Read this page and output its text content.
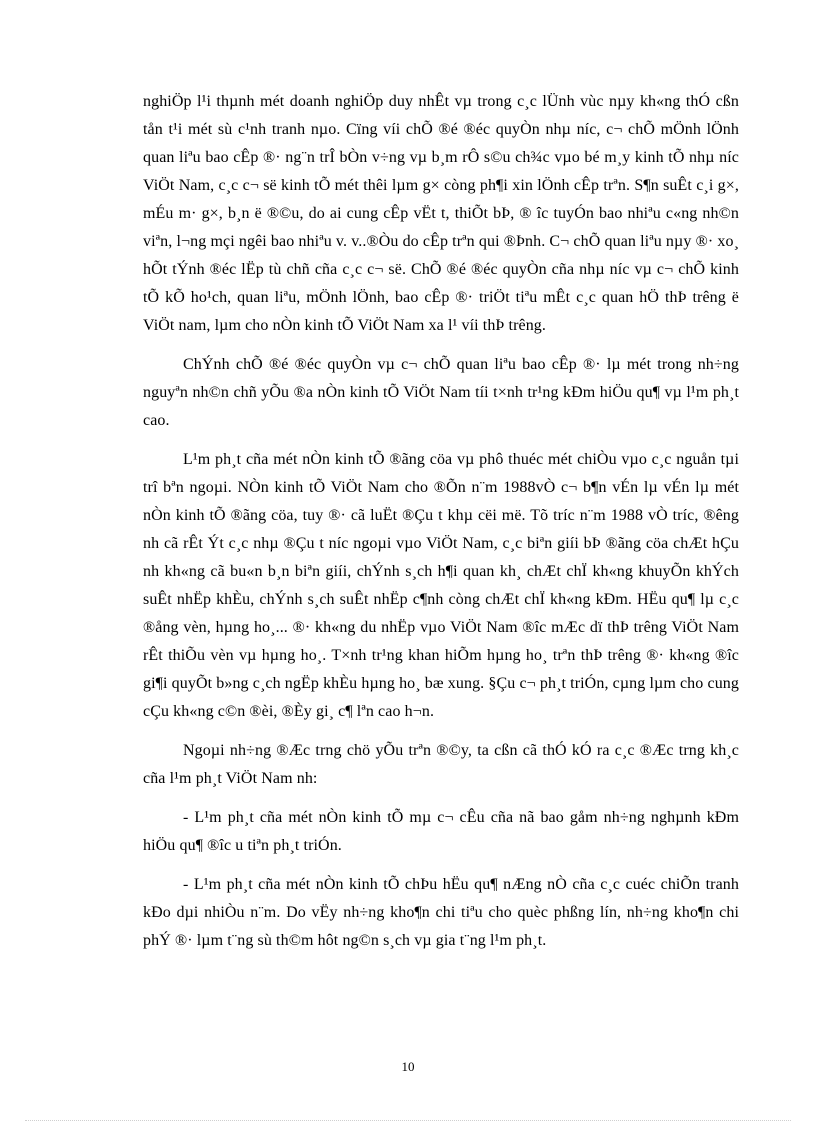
nghiÖp l¹i thµnh mét doanh nghiÖp duy nhÊt vµ trong c¸c lÜnh vùc nµy kh«ng thÓ cßn tån t¹i mét sù c¹nh tranh nµo. Cïng víi chÕ ®é ®éc quyÒn nhµ níc, c¬ chÕ mÖnh lÖnh quan liªu bao cÊp ®· ng¨n trÎ bÒn v÷ng vµ b¸m rÔ s©u ch¾c vµo bé m¸y kinh tÕ nhµ níc ViÖt Nam, c¸c c¬ së kinh tÕ mét thêi lµm g× còng ph¶i xin lÖnh cÊp trªn. S¶n suÊt c¸i g×, mÉu m· g×, b¸n ë ®©u, do ai cung cÊp vËt t, thiÕt bÞ, ® îc tuyÓn bao nhiªu c«ng nh©n viªn, l¬ng mçi ngêi bao nhiªu v. v..®Òu do cÊp trªn qui ®Þnh. C¬ chÕ quan liªu nµy ®· xo¸ hÕt tÝnh ®éc lËp tù chñ cña c¸c c¬ së. ChÕ ®é ®éc quyÒn cña nhµ níc vµ c¬ chÕ kinh tÕ kÕ ho¹ch, quan liªu, mÖnh lÖnh, bao cÊp ®· triÖt tiªu mÊt c¸c quan hÖ thÞ trêng ë ViÖt nam, lµm cho nÒn kinh tÕ ViÖt Nam xa l¹ víi thÞ trêng.

ChÝnh chÕ ®é ®éc quyÒn vµ c¬ chÕ quan liªu bao cÊp ®· lµ mét trong nh÷ng nguyªn nh©n chñ yÕu ®a nÒn kinh tÕ ViÖt Nam tíi t×nh tr¹ng kÐm hiÖu qu¶ vµ l¹m ph¸t cao.

L¹m ph¸t cña mét nÒn kinh tÕ ®ãng cöa vµ phô thuéc mét chiÒu vµo c¸c nguån tµi trî bªn ngoµi. NÒn kinh tÕ ViÖt Nam cho ®Õn n¨m 1988vÒ c¬ b¶n vÉn lµ vÉn lµ mét nÒn kinh tÕ ®ãng cöa, tuy ®· cã luËt ®Çu t khµ cëi më. Tõ tríc n¨m 1988 vÒ tríc, ®êng nh cã rÊt Ýt c¸c nhµ ®Çu t níc ngoµi vµo ViÖt Nam, c¸c biªn giíi bÞ ®ãng cöa chÆt hÇu nh kh«ng cã bu«n b¸n biªn giíi, chÝnh s¸ch h¶i quan kh¸ chÆt chÏ kh«ng khuyÕn khÝch suÊt nhËp khÈu, chÝnh s¸ch suÊt nhËp c¶nh còng chÆt chÏ kh«ng kÐm. HËu qu¶ lµ c¸c ®ång vèn, hµng ho¸... ®· kh«ng du nhËp vµo ViÖt Nam ®îc mÆc dï thÞ trêng ViÖt Nam rÊt thiÕu vèn vµ hµng ho¸. T×nh tr¹ng khan hiÕm hµng ho¸ trªn thÞ trêng ®· kh«ng ®îc gi¶i quyÕt b»ng c¸ch ngËp khÈu hµng ho¸ bæ xung. §Çu c¬ ph¸t triÓn, cµng lµm cho cung cÇu kh«ng c©n ®èi, ®Èy gi¸ c¶ lªn cao h¬n.

Ngoµi nh÷ng ®Æc trng chö yÕu trªn ®©y, ta cßn cã thÓ kÓ ra c¸c ®Æc trng kh¸c cña l¹m ph¸t ViÖt Nam nh:

- L¹m ph¸t cña mét nÒn kinh tÕ mµ c¬ cÊu cña nã bao gåm nh÷ng nghµnh kÐm hiÖu qu¶ ®îc u tiªn ph¸t triÓn.

- L¹m ph¸t cña mét nÒn kinh tÕ chÞu hËu qu¶ nÆng nÒ cña c¸c cuéc chiÕn tranh kÐo dµi nhiÒu n¨m. Do vËy nh÷ng kho¶n chi tiªu cho quèc phßng lín, nh÷ng kho¶n chi phÝ ®· lµm t¨ng sù th©m hôt ng©n s¸ch vµ gia t¨ng l¹m ph¸t.

10
